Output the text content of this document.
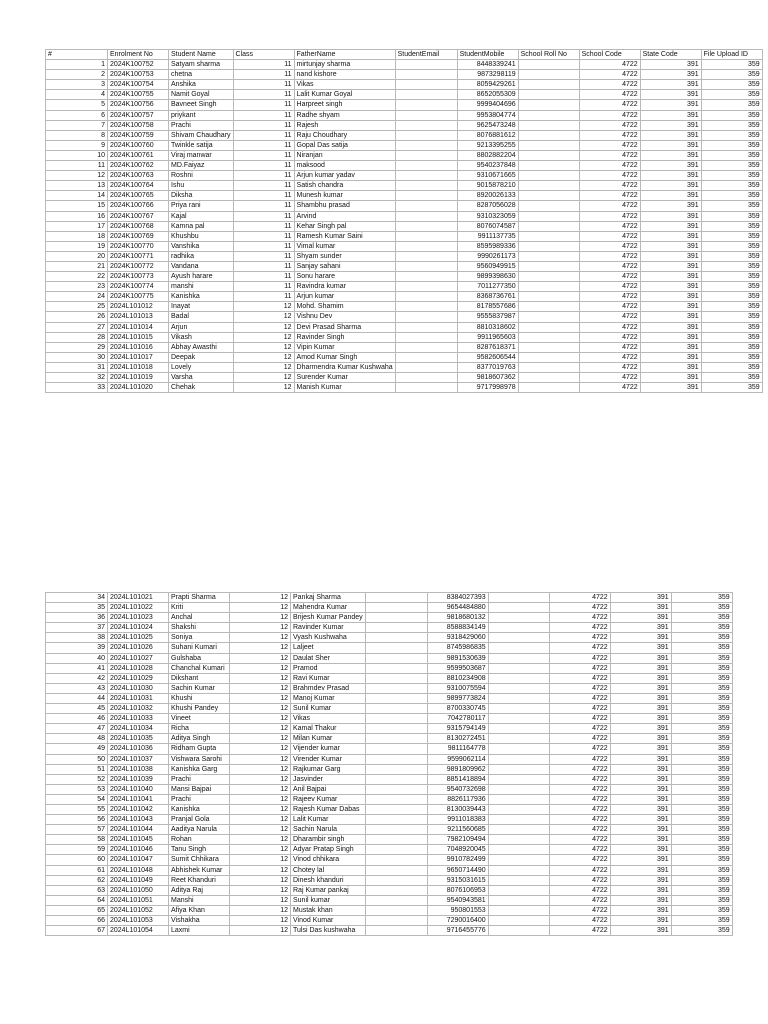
#	Enrolment No	Student Name	Class	FatherName	StudentEmail	StudentMobile	School Roll No	School Code	State Code	File Upload ID
1	2024K100752	Satyam sharma	11	mirtunjay sharma		8448339241		4722	391	359
2	2024K100753	chetna	11	nand kishore		9873298119		4722	391	359
3	2024K100754	Anshika	11	Vikas		8059429261		4722	391	359
4	2024K100755	Namit Goyal	11	Lalit Kumar Goyal		8652055309		4722	391	359
5	2024K100756	Bavneet Singh	11	Harpreet singh		9999404696		4722	391	359
6	2024K100757	priykant	11	Radhe shyam		9953804774		4722	391	359
7	2024K100758	Prachi	11	Rajesh		9625473248		4722	391	359
8	2024K100759	Shivam Chaudhary	11	Raju Choudhary		8076881612		4722	391	359
9	2024K100760	Twinkle satija	11	Gopal Das satija		9213395255		4722	391	359
10	2024K100761	Viraj manwar	11	Niranjan		8802882204		4722	391	359
11	2024K100762	MD.Faiyaz	11	maksood		9540237848		4722	391	359
12	2024K100763	Roshni	11	Arjun kumar yadav		9310671665		4722	391	359
13	2024K100764	Ishu	11	Satish chandra		9015878210		4722	391	359
14	2024K100765	Diksha	11	Munesh kumar		8920026133		4722	391	359
15	2024K100766	Priya rani	11	Shambhu prasad		8287056028		4722	391	359
16	2024K100767	Kajal	11	Arvind		9310323059		4722	391	359
17	2024K100768	Kamna pal	11	Kehar Singh pal		8076074587		4722	391	359
18	2024K100769	Khushbu	11	Ramesh Kumar Saini		9911137735		4722	391	359
19	2024K100770	Vanshika	11	Vimal kumar		8595989336		4722	391	359
20	2024K100771	radhika	11	Shyam sunder		9990261173		4722	391	359
21	2024K100772	Vandana	11	Sanjay sahani		9560949915		4722	391	359
22	2024K100773	Ayush harare	11	Sonu harare		9899398630		4722	391	359
23	2024K100774	manshi	11	Ravindra kumar		7011277350		4722	391	359
24	2024K100775	Kanishka	11	Arjun kumar		8368736761		4722	391	359
25	2024L101012	Inayat	12	Mohd. Shamim		8178557686		4722	391	359
26	2024L101013	Badal	12	Vishnu Dev		9555837987		4722	391	359
27	2024L101014	Arjun	12	Devi Prasad Sharma		8810318602		4722	391	359
28	2024L101015	Vikash	12	Ravinder Singh		9911965603		4722	391	359
29	2024L101016	Abhay Awasthi	12	Vipin Kumar		8287618371		4722	391	359
30	2024L101017	Deepak	12	Amod Kumar Singh		9582606544		4722	391	359
31	2024L101018	Lovely	12	Dharmendra Kumar Kushwaha		8377019763		4722	391	359
32	2024L101019	Varsha	12	Surender Kumar		9818607362		4722	391	359
33	2024L101020	Chehak	12	Manish Kumar		9717998978		4722	391	359
34	2024L101021	Prapti Sharma	12	Pankaj Sharma		8384027393		4722	391	359
35	2024L101022	Kriti	12	Mahendra Kumar		9654484880		4722	391	359
36	2024L101023	Anchal	12	Brijesh Kumar Pandey		9818680132		4722	391	359
37	2024L101024	Shakshi	12	Ravinder Kumar		8588834149		4722	391	359
38	2024L101025	Soniya	12	Vyash Kushwaha		9318429060		4722	391	359
39	2024L101026	Suhani Kumari	12	Laljeet		8745986835		4722	391	359
40	2024L101027	Gulshaba	12	Daulat Sher		9891530639		4722	391	359
41	2024L101028	Chanchal Kumari	12	Pramod		9599503687		4722	391	359
42	2024L101029	Dikshant	12	Ravi Kumar		8810234908		4722	391	359
43	2024L101030	Sachin Kumar	12	Brahmdev Prasad		9310075594		4722	391	359
44	2024L101031	Khushi	12	Manoj Kumar		9899773824		4722	391	359
45	2024L101032	Khushi Pandey	12	Sunil Kumar		8700330745		4722	391	359
46	2024L101033	Vineet	12	Vikas		7042780117		4722	391	359
47	2024L101034	Richa	12	Kamal Thakur		9315794149		4722	391	359
48	2024L101035	Aditya Singh	12	Milan Kumar		8130272451		4722	391	359
49	2024L101036	Ridham Gupta	12	Vijender kumar		9811164778		4722	391	359
50	2024L101037	Vishwara Sarohi	12	Virender Kumar		9599062114		4722	391	359
51	2024L101038	Kanishka Garg	12	Rajkumar Garg		9891809962		4722	391	359
52	2024L101039	Prachi	12	Jasvinder		8851418894		4722	391	359
53	2024L101040	Mansi Bajpai	12	Anil Bajpai		9540732698		4722	391	359
54	2024L101041	Prachi	12	Rajeev Kumar		8826117936		4722	391	359
55	2024L101042	Kanishka	12	Rajesh Kumar Dabas		8130039443		4722	391	359
56	2024L101043	Pranjal Gola	12	Lalit Kumar		9911018383		4722	391	359
57	2024L101044	Aaditya Narula	12	Sachin Narula		9211560685		4722	391	359
58	2024L101045	Rohan	12	Dharambir singh		7982109494		4722	391	359
59	2024L101046	Tanu Singh	12	Adyar Pratap Singh		7048920045		4722	391	359
60	2024L101047	Sumit Chhikara	12	Vinod chhikara		9910782499		4722	391	359
61	2024L101048	Abhishek Kumar	12	Chotey lal		9650714490		4722	391	359
62	2024L101049	Reet Khanduri	12	Dinesh khanduri		9315031615		4722	391	359
63	2024L101050	Aditya Raj	12	Raj Kumar pankaj		8076106953		4722	391	359
64	2024L101051	Manshi	12	Sunil kumar		9540943581		4722	391	359
65	2024L101052	Afiya Khan	12	Mustak khan		950801553		4722	391	359
66	2024L101053	Vishakha	12	Vinod Kumar		7290016400		4722	391	359
67	2024L101054	Laxmi	12	Tulsi Das kushwaha		9716455776		4722	391	359
